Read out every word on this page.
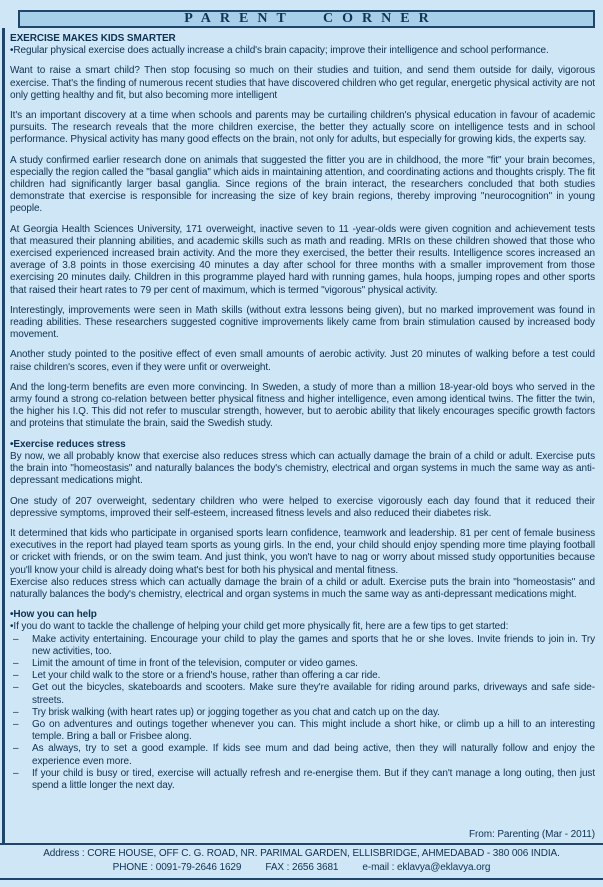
PARENT CORNER
EXERCISE MAKES KIDS SMARTER
•Regular physical exercise does actually increase a child's brain capacity; improve their intelligence and school performance.
Want to raise a smart child? Then stop focusing so much on their studies and tuition, and send them outside for daily, vigorous exercise. That's the finding of numerous recent studies that have discovered children who get regular, energetic physical activity are not only getting healthy and fit, but also becoming more intelligent
It's an important discovery at a time when schools and parents may be curtailing children's physical education in favour of academic pursuits. The research reveals that the more children exercise, the better they actually score on intelligence tests and in school performance. Physical activity has many good effects on the brain, not only for adults, but especially for growing kids, the experts say.
A study confirmed earlier research done on animals that suggested the fitter you are in childhood, the more "fit" your brain becomes, especially the region called the "basal ganglia" which aids in maintaining attention, and coordinating actions and thoughts crisply. The fit children had significantly larger basal ganglia. Since regions of the brain interact, the researchers concluded that both studies demonstrate that exercise is responsible for increasing the size of key brain regions, thereby improving "neurocognition" in young people.
At Georgia Health Sciences University, 171 overweight, inactive seven to 11 -year-olds were given cognition and achievement tests that measured their planning abilities, and academic skills such as math and reading. MRIs on these children showed that those who exercised experienced increased brain activity. And the more they exercised, the better their results. Intelligence scores increased an average of 3.8 points in those exercising 40 minutes a day after school for three months with a smaller improvement from those exercising 20 minutes daily. Children in this programme played hard with running games, hula hoops, jumping ropes and other sports that raised their heart rates to 79 per cent of maximum, which is termed "vigorous" physical activity.
Interestingly, improvements were seen in Math skills (without extra lessons being given), but no marked improvement was found in reading abilities. These researchers suggested cognitive improvements likely came from brain stimulation caused by increased body movement.
Another study pointed to the positive effect of even small amounts of aerobic activity. Just 20 minutes of walking before a test could raise children's scores, even if they were unfit or overweight.
And the long-term benefits are even more convincing. In Sweden, a study of more than a million 18-year-old boys who served in the army found a strong co-relation between better physical fitness and higher intelligence, even among identical twins. The fitter the twin, the higher his I.Q. This did not refer to muscular strength, however, but to aerobic ability that likely encourages specific growth factors and proteins that stimulate the brain, said the Swedish study.
•Exercise reduces stress
By now, we all probably know that exercise also reduces stress which can actually damage the brain of a child or adult. Exercise puts the brain into "homeostasis" and naturally balances the body's chemistry, electrical and organ systems in much the same way as anti-depressant medications might.
One study of 207 overweight, sedentary children who were helped to exercise vigorously each day found that it reduced their depressive symptoms, improved their self-esteem, increased fitness levels and also reduced their diabetes risk.
It determined that kids who participate in organised sports learn confidence, teamwork and leadership. 81 per cent of female business executives in the report had played team sports as young girls. In the end, your child should enjoy spending more time playing football or cricket with friends, or on the swim team. And just think, you won't have to nag or worry about missed study opportunities because you'll know your child is already doing what's best for both his physical and mental fitness.
Exercise also reduces stress which can actually damage the brain of a child or adult. Exercise puts the brain into "homeostasis" and naturally balances the body's chemistry, electrical and organ systems in much the same way as anti-depressant medications might.
•How you can help
•If you do want to tackle the challenge of helping your child get more physically fit, here are a few tips to get started:
–	Make activity entertaining. Encourage your child to play the games and sports that he or she loves. Invite friends to join in. Try new activities, too.
–	Limit the amount of time in front of the television, computer or video games.
–	Let your child walk to the store or a friend's house, rather than offering a car ride.
–	Get out the bicycles, skateboards and scooters. Make sure they're available for riding around parks, driveways and safe side-streets.
–	Try brisk walking (with heart rates up) or jogging together as you chat and catch up on the day.
–	Go on adventures and outings together whenever you can. This might include a short hike, or climb up a hill to an interesting temple. Bring a ball or Frisbee along.
–	As always, try to set a good example. If kids see mum and dad being active, then they will naturally follow and enjoy the experience even more.
–	If your child is busy or tired, exercise will actually refresh and re-energise them. But if they can't manage a long outing, then just spend a little longer the next day.
From: Parenting (Mar - 2011)
Address : CORE HOUSE, OFF C. G. ROAD, NR. PARIMAL GARDEN, ELLISBRIDGE, AHMEDABAD - 380 006 INDIA.
PHONE : 0091-79-2646 1629 FAX : 2656 3681 e-mail : eklavya@eklavya.org
